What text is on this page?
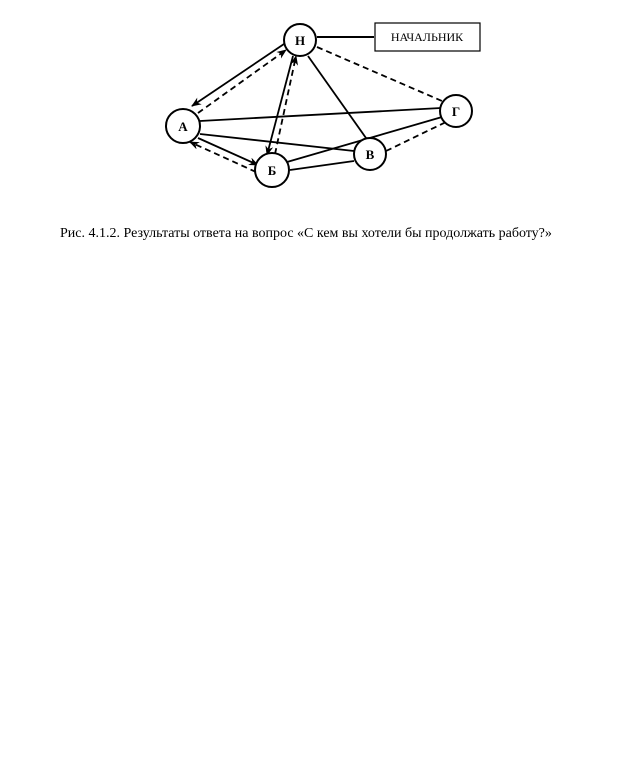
Н
А
Б
В
Г
НАЧАЛЬНИК
Рис. 4.1.2. Результаты ответа на вопрос «С кем вы хотели бы продолжать работу?»
